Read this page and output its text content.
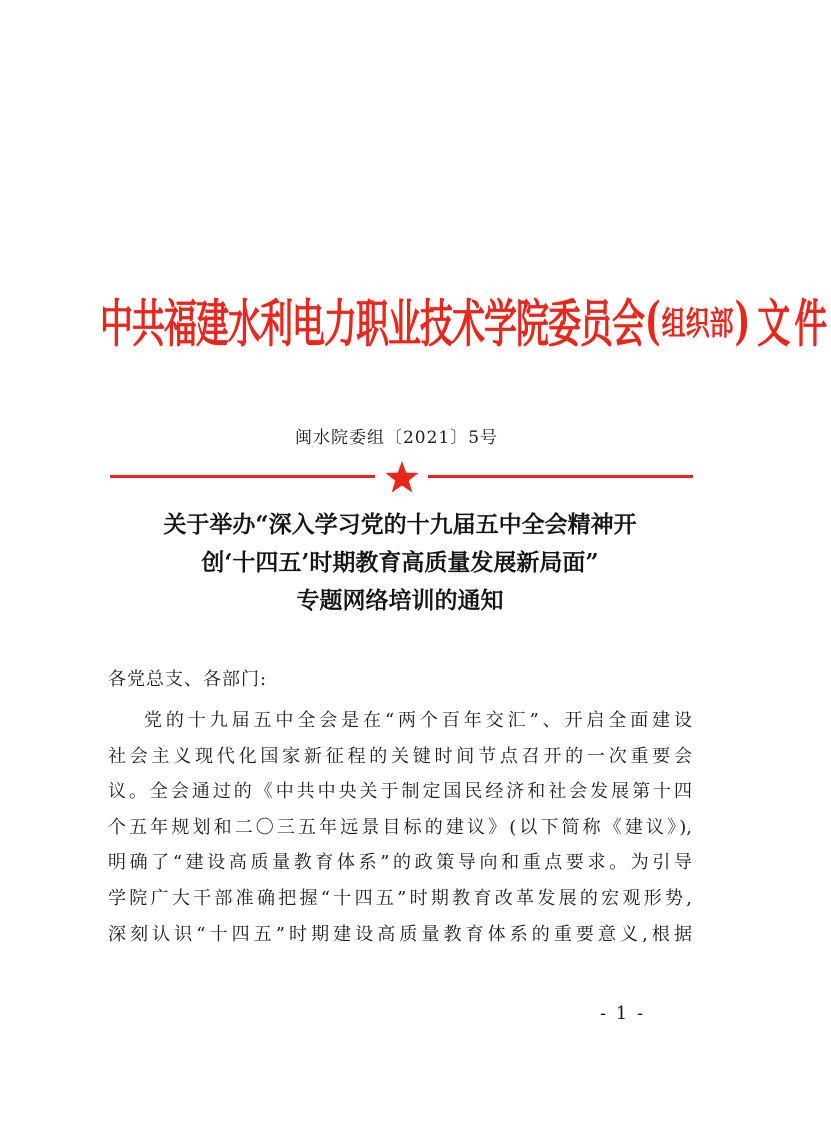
中共福建水利电力职业技术学院委员会 ( 组织部 ) 文件
闽水院委组〔2021〕5号
关于举办“深入学习党的十九届五中全会精神开
创‘十四五’时期教育高质量发展新局面”
专题网络培训的通知
各党总支、各部门:
党的十九届五中全会是在“两个百年交汇”、开启全面建设
社会主义现代化国家新征程的关键时间节点召开的一次重要会
议。全会通过的《中共中央关于制定国民经济和社会发展第十四
个五年规划和二〇三五年远景目标的建议》(以下简称《建议》),
明确了“建设高质量教育体系”的政策导向和重点要求。为引导
学院广大干部准确把握“十四五”时期教育改革发展的宏观形势,
深刻认识“十四五”时期建设高质量教育体系的重要意义,根据
- 1 -
